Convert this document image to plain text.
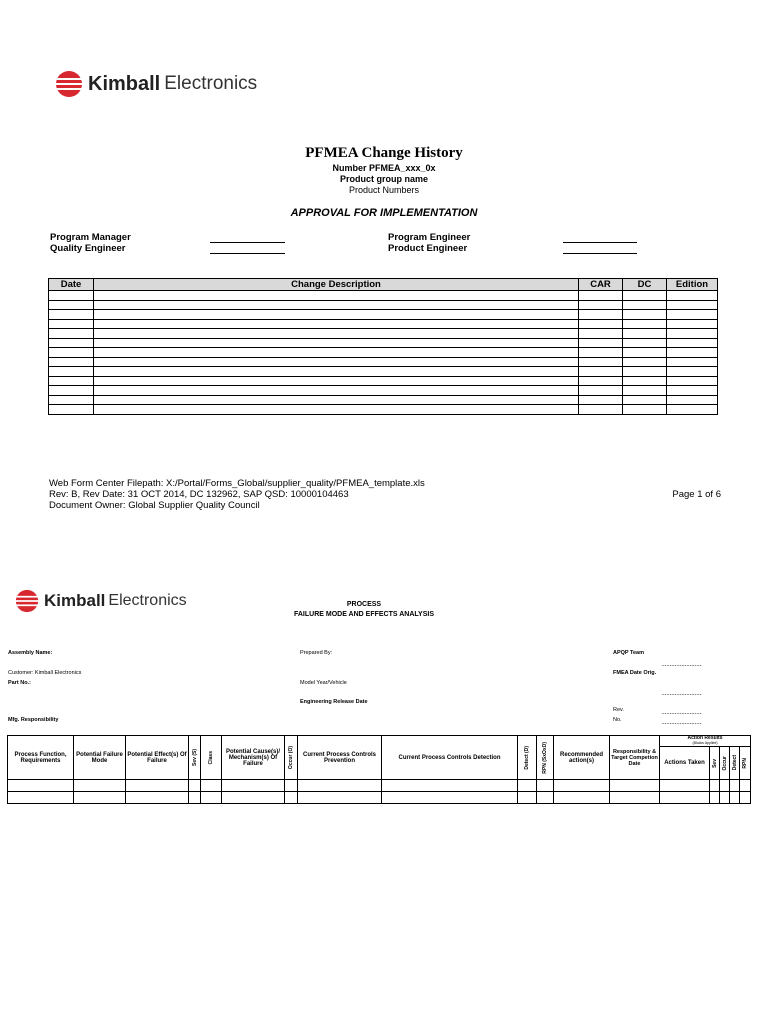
Kimball Electronics
PFMEA Change History
Number PFMEA_xxx_0x
Product group name
Product Numbers
APPROVAL FOR IMPLEMENTATION
Program Manager
Quality Engineer
Program Engineer
Product Engineer
Date	Change Description	CAR	DC	Edition

Web Form Center Filepath: X:/Portal/Forms_Global/supplier_quality/PFMEA_template.xls
Rev: B, Rev Date: 31 OCT 2014, DC 132962, SAP QSD: 10000104463
Document Owner: Global Supplier Quality Council
Page 1 of 6
Kimball Electronics	PROCESS
FAILURE MODE AND EFFECTS ANALYSIS
Assembly Name:	Prepared By:	APQP Team
----------------
Customer: Kimball Electronics	FMEA Date Orig.
Part No.:	Model Year/Vehicle
----------------
Engineering Release Date
Rev.
----------------
Mfg. Responsibility	No.
----------------
Process Function, Requirements	Potential Failure Mode	Potential Effect(s) Of Failure	Sev (S)	Class	Potential Cause(s)/ Mechanism(s) Of Failure	Occur (O)	Current Process Controls Prevention	Current Process Controls Detection	Detect (D)	RPN (SxOxD)	Recommended action(s)	Responsibility & Target Competion Date	Action Results
(Blocks Applied)				
													Actions Taken	Sev	Occur	Detect	RPN
